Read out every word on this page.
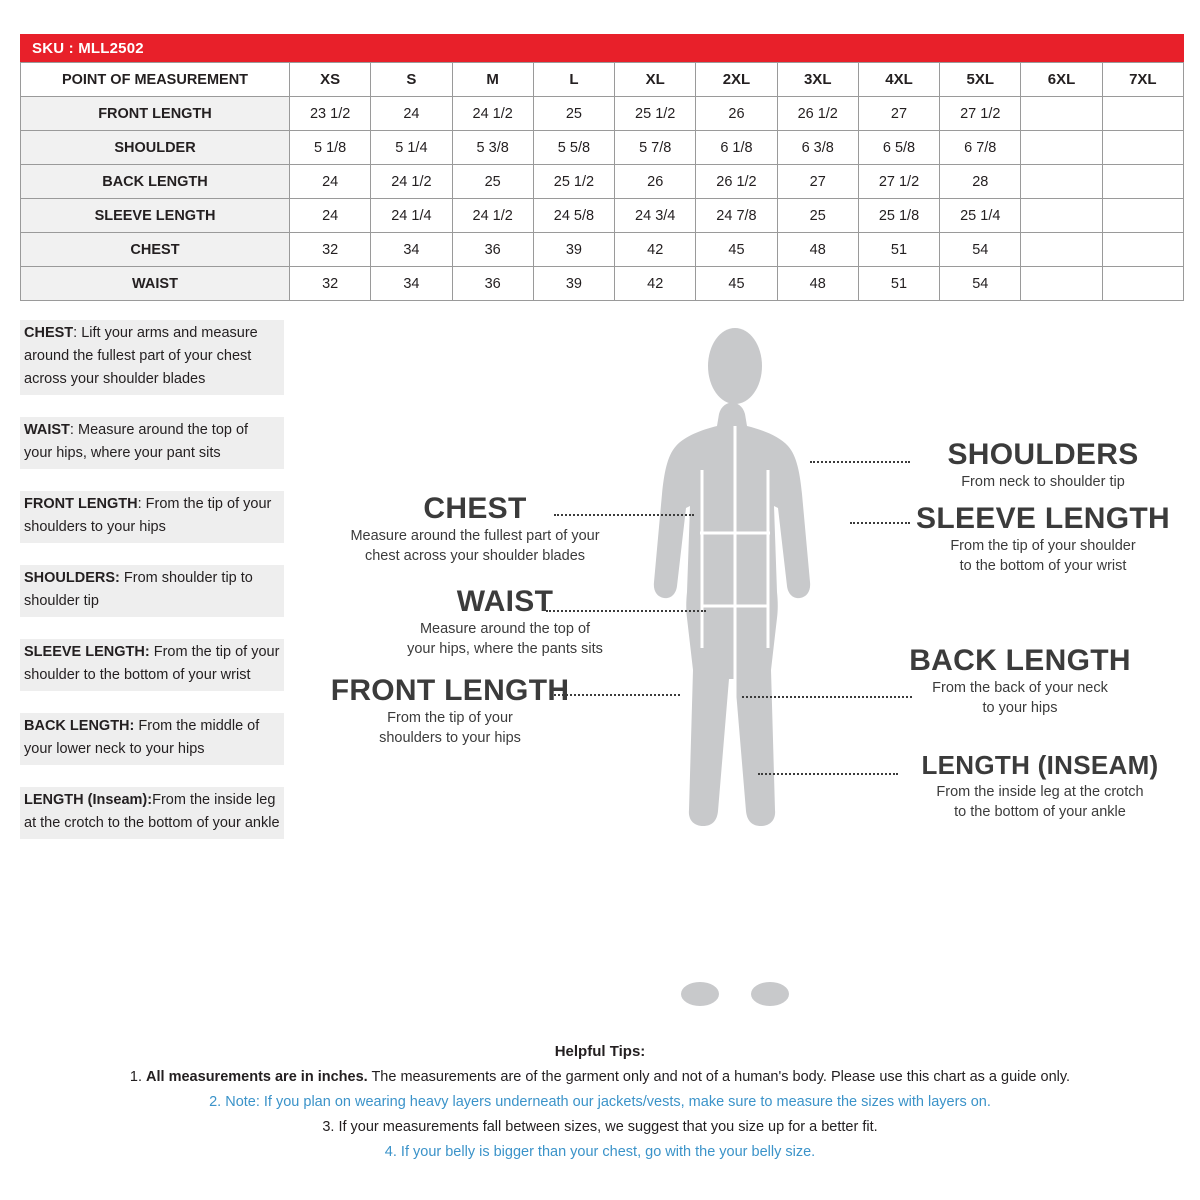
SKU : MLL2502
POINT OF MEASUREMENT	XS	S	M	L	XL	2XL	3XL	4XL	5XL	6XL	7XL
FRONT LENGTH	23 1/2	24	24 1/2	25	25 1/2	26	26 1/2	27	27 1/2		
SHOULDER	5 1/8	5 1/4	5 3/8	5 5/8	5 7/8	6 1/8	6 3/8	6 5/8	6 7/8		
BACK LENGTH	24	24 1/2	25	25 1/2	26	26 1/2	27	27 1/2	28		
SLEEVE LENGTH	24	24 1/4	24 1/2	24 5/8	24 3/4	24 7/8	25	25 1/8	25 1/4		
CHEST	32	34	36	39	42	45	48	51	54		
WAIST	32	34	36	39	42	45	48	51	54		
CHEST: Lift your arms and measure around the fullest part of your chest across your shoulder blades
WAIST: Measure around the top of your hips, where your pant sits
FRONT LENGTH: From the tip of your shoulders to your hips
SHOULDERS: From shoulder tip to shoulder tip
SLEEVE LENGTH: From the tip of your shoulder to the bottom of your wrist
BACK LENGTH: From the middle of your lower neck to your hips
LENGTH (Inseam):From the inside leg at the crotch to the bottom of your ankle
CHEST
Measure around the fullest part of your
chest across your shoulder blades
WAIST
Measure around the top of
your hips, where the pants sits
FRONT LENGTH
From the tip of your
shoulders to your hips
SHOULDERS
From neck to shoulder tip
SLEEVE LENGTH
From the tip of your shoulder
to the bottom of your wrist
BACK LENGTH
From the back of your neck
to your hips
LENGTH (INSEAM)
From the inside leg at the crotch
to the bottom of your ankle
Helpful Tips:
1. All measurements are in inches. The measurements are of the garment only and not of a human's body. Please use this chart as a guide only.
2. Note: If you plan on wearing heavy layers underneath our jackets/vests, make sure to measure the sizes with layers on.
3. If your measurements fall between sizes, we suggest that you size up for a better fit.
4. If your belly is bigger than your chest, go with the your belly size.
